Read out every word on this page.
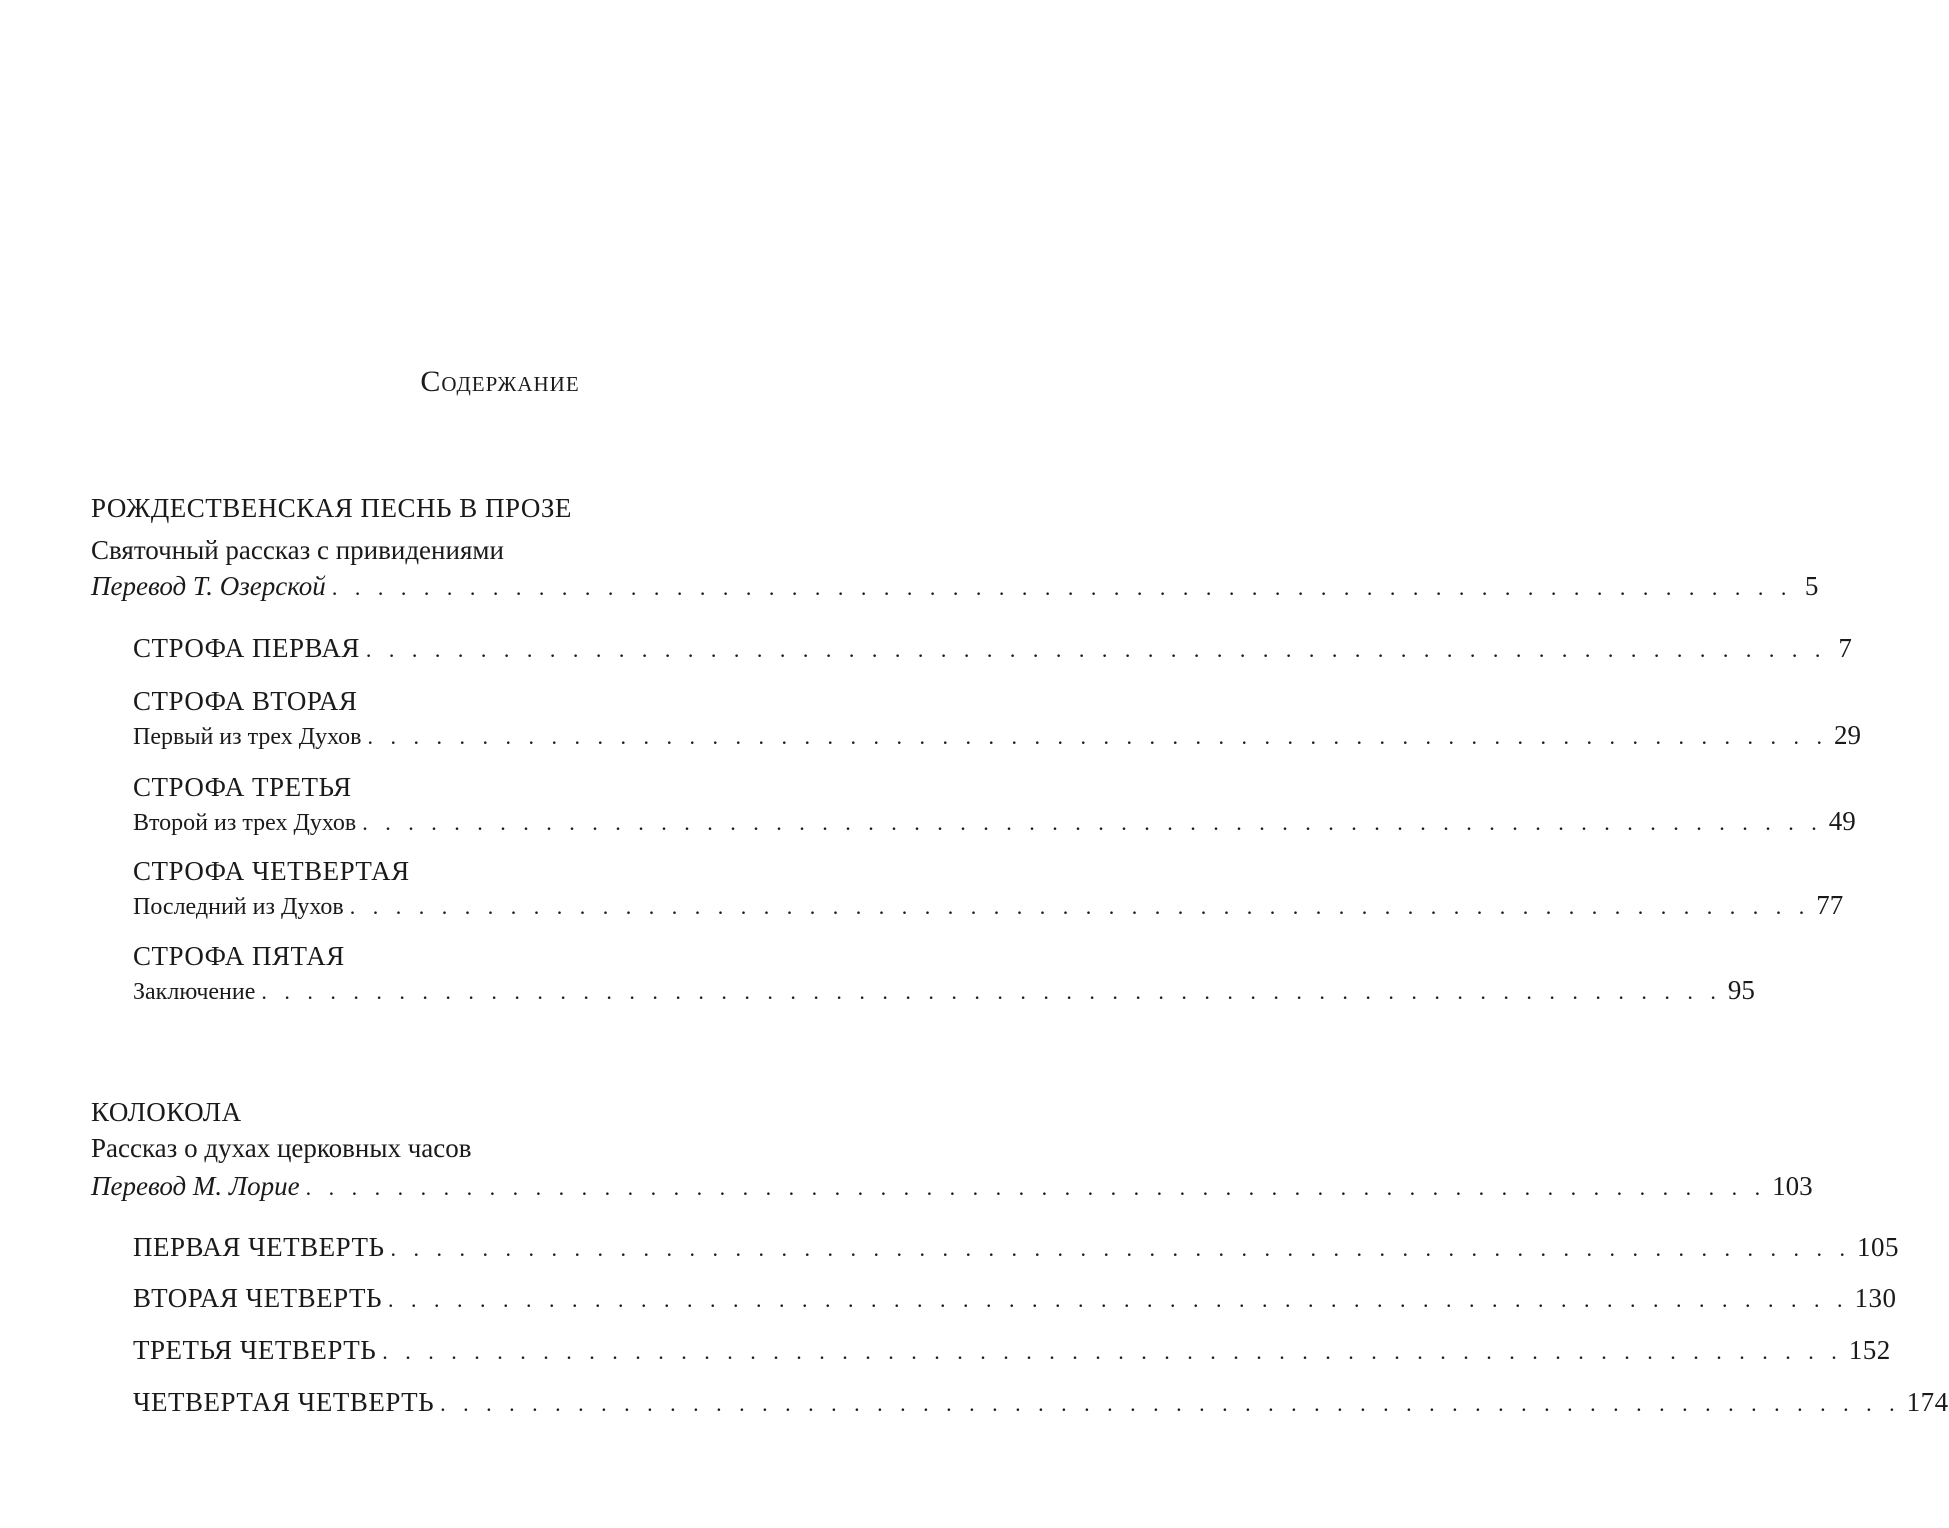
Содержание
РОЖДЕСТВЕНСКАЯ ПЕСНЬ В ПРОЗЕ
Святочный рассказ с привидениями
Перевод Т. Озерской . . . . . . . . . . . . . . . . . . . . . . . . . . . . . . . . . . . . . . . . . . . . . . . . . . . . . . . . . . . . . . . . 5
СТРОФА ПЕРВАЯ . . . . . . . . . . . . . . . . . . . . . . . . . . . . . . . . . . . . . . . . . . . . . . . . . . . . . . . . . . . . . . . . 7
СТРОФА ВТОРАЯ
Первый из трех Духов . . . . . . . . . . . . . . . . . . . . . . . . . . . . . . . . . . . . . . . . . . . . . . . . . . . . . . . . . . . . . . . . 29
СТРОФА ТРЕТЬЯ
Второй из трех Духов . . . . . . . . . . . . . . . . . . . . . . . . . . . . . . . . . . . . . . . . . . . . . . . . . . . . . . . . . . . . . . . . 49
СТРОФА ЧЕТВЕРТАЯ
Последний из Духов . . . . . . . . . . . . . . . . . . . . . . . . . . . . . . . . . . . . . . . . . . . . . . . . . . . . . . . . . . . . . . . . 77
СТРОФА ПЯТАЯ
Заключение . . . . . . . . . . . . . . . . . . . . . . . . . . . . . . . . . . . . . . . . . . . . . . . . . . . . . . . . . . . . . . . . 95
КОЛОКОЛА
Рассказ о духах церковных часов
Перевод М. Лорие . . . . . . . . . . . . . . . . . . . . . . . . . . . . . . . . . . . . . . . . . . . . . . . . . . . . . . . . . . . . . . . . 103
ПЕРВАЯ ЧЕТВЕРТЬ . . . . . . . . . . . . . . . . . . . . . . . . . . . . . . . . . . . . . . . . . . . . . . . . . . . . . . . . . . . . . . . . 105
ВТОРАЯ ЧЕТВЕРТЬ . . . . . . . . . . . . . . . . . . . . . . . . . . . . . . . . . . . . . . . . . . . . . . . . . . . . . . . . . . . . . . . . 130
ТРЕТЬЯ ЧЕТВЕРТЬ . . . . . . . . . . . . . . . . . . . . . . . . . . . . . . . . . . . . . . . . . . . . . . . . . . . . . . . . . . . . . . . . 152
ЧЕТВЕРТАЯ ЧЕТВЕРТЬ . . . . . . . . . . . . . . . . . . . . . . . . . . . . . . . . . . . . . . . . . . . . . . . . . . . . . . . . . . . . . . . . 174
